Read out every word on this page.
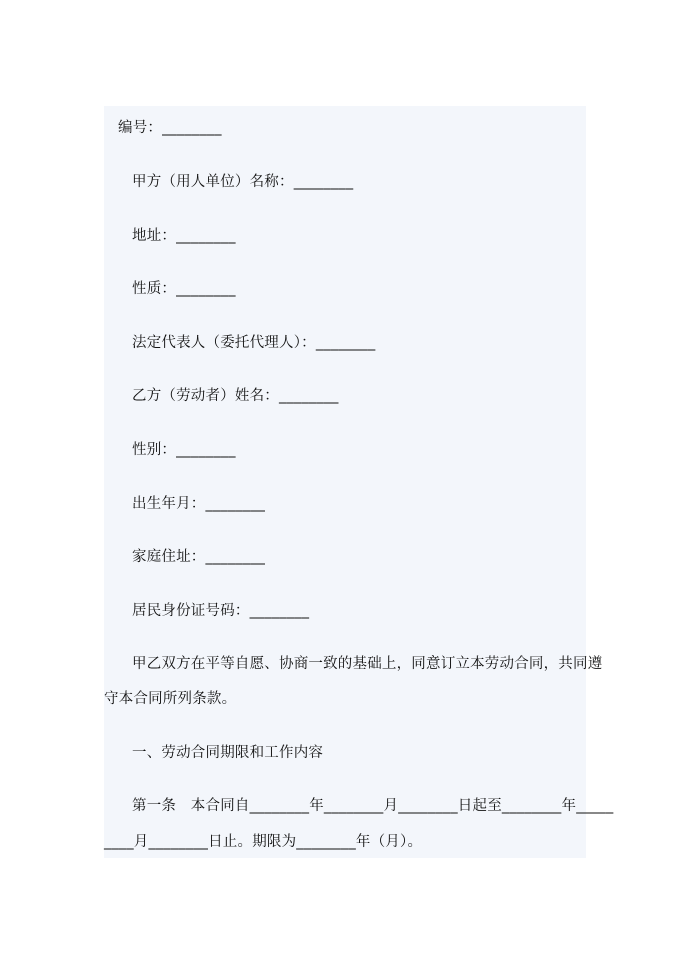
编号：________
甲方（用人单位）名称：________
地址：________
性质：________
法定代表人（委托代理人）：________
乙方（劳动者）姓名：________
性别：________
出生年月：________
家庭住址：________
居民身份证号码：________
甲乙双方在平等自愿、协商一致的基础上，同意订立本劳动合同，共同遵
守本合同所列条款。
一、劳动合同期限和工作内容
第一条　本合同自________年________月________日起至________年_____
____月________日止。期限为________年（月）。
